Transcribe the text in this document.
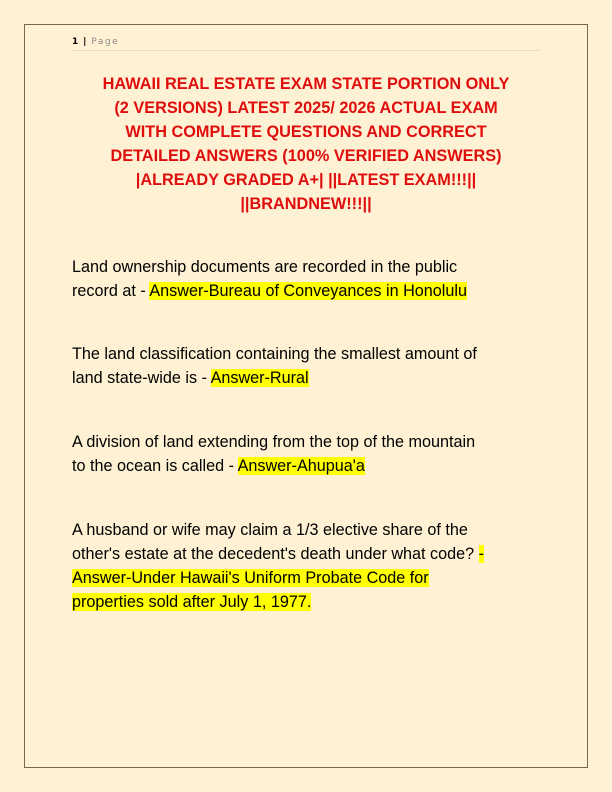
1 | Page
HAWAII REAL ESTATE EXAM STATE PORTION ONLY
(2 VERSIONS) LATEST 2025/ 2026 ACTUAL EXAM
WITH COMPLETE QUESTIONS AND CORRECT
DETAILED ANSWERS (100% VERIFIED ANSWERS)
|ALREADY GRADED A+| ||LATEST EXAM!!!||
||BRANDNEW!!!||
Land ownership documents are recorded in the public
record at - Answer-Bureau of Conveyances in Honolulu
The land classification containing the smallest amount of
land state-wide is - Answer-Rural
A division of land extending from the top of the mountain
to the ocean is called - Answer-Ahupua'a
A husband or wife may claim a 1/3 elective share of the
other's estate at the decedent's death under what code? -
Answer-Under Hawaii's Uniform Probate Code for
properties sold after July 1, 1977.
